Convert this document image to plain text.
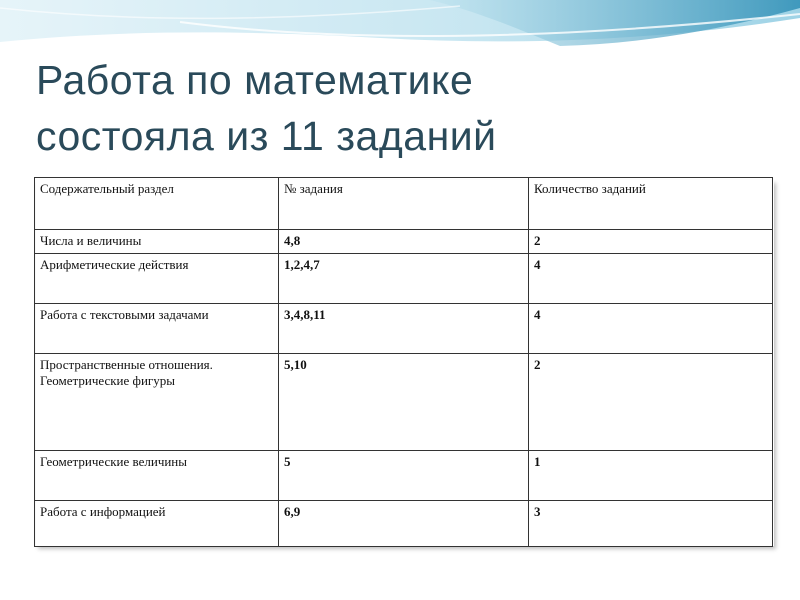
Работа по математике
состояла из 11 заданий
Содержательный раздел	№ задания	Количество заданий
Числа и величины	4,8	2
Арифметические действия	1,2,4,7	4
Работа с текстовыми задачами	3,4,8,11	4
Пространственные отношения. Геометрические фигуры	5,10	2
Геометрические величины	5	1
Работа с информацией	6,9	3
